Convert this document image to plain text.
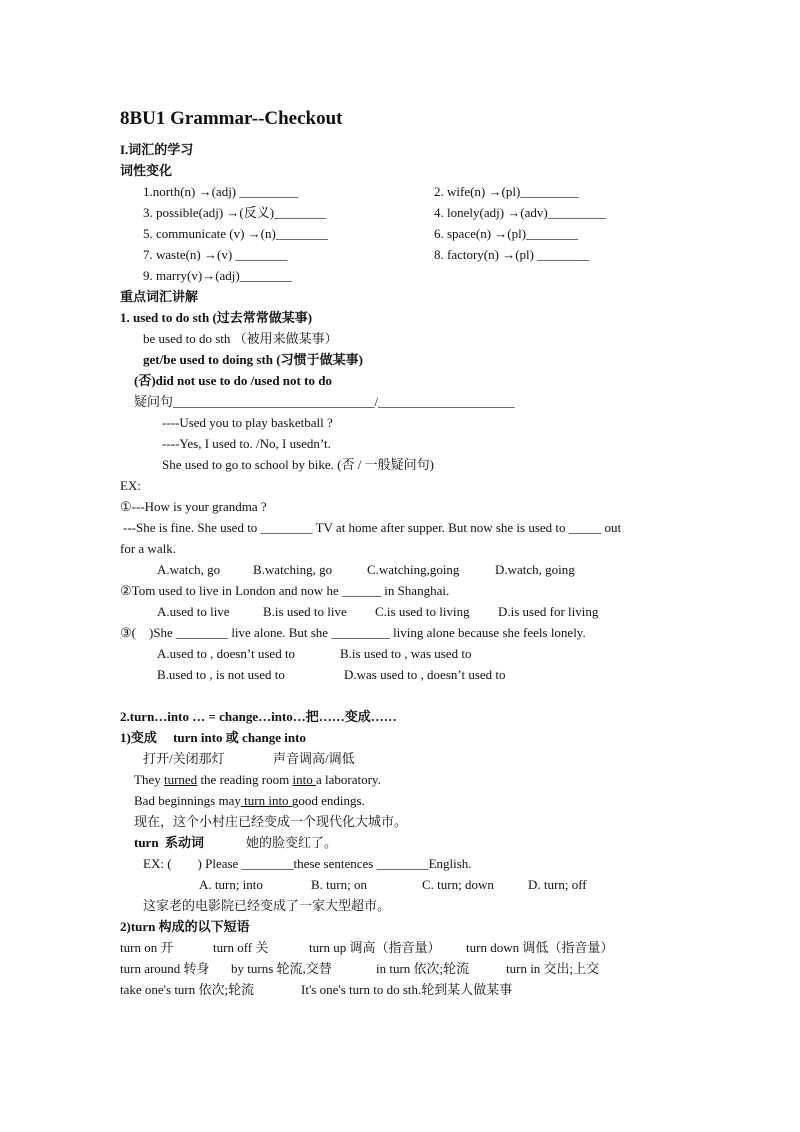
8BU1 Grammar--Checkout
I.词汇的学习
词性变化
1.north(n) →(adj) _________	2. wife(n) →(pl)_________
3. possible(adj) →(反义)________	4. lonely(adj) →(adv)_________
5. communicate (v) →(n)________	6. space(n) →(pl)________
7. waste(n) →(v) ________	8. factory(n) →(pl) ________
9. marry(v)→(adj)________
重点词汇讲解
1. used to do sth (过去常常做某事)
be used to do sth （被用来做某事）
get/be used to doing sth (习惯于做某事)
(否)did not use to do /used not to do
疑问句_______________________________/_____________________
----Used you to play basketball ?
----Yes, I used to. /No, I usedn’t.
She used to go to school by bike. (否 / 一般疑问句)
EX:
①---How is your grandma ?
---She is fine. She used to ________ TV at home after supper. But now she is used to _____ out
for a walk.
A.watch, go	B.watching, go	C.watching,going	D.watch, going
②Tom used to live in London and now he ______ in Shanghai.
A.used to live	B.is used to live C.is used to living D.is used for living
③(    )She ________ live alone. But she _________ living alone because she feels lonely.
A.used to , doesn’t used to	B.is used to , was used to
B.used to , is not used to	D.was used to , doesn’t used to
2.turn…into … = change…into…把……变成……
1)变成     turn into 或 change into
打开/关闭那灯	声音调高/调低
They turned the reading room into a laboratory.
Bad beginnings may turn into good endings.
现在，这个小村庄已经变成一个现代化大城市。
turn  系动词	她的脸变红了。
EX: (        ) Please ________these sentences ________English.
A. turn; into	B. turn; on	C. turn; down	D. turn; off
这家老的电影院已经变成了一家大型超市。
2)turn 构成的以下短语
turn on 开	turn off 关	turn up 调高（指音量） turn down 调低（指音量）
turn around 转身 by turns 轮流,交替	in turn 依次;轮流	turn in 交出;上交
take one's turn 依次;轮流	It's one's turn to do sth.轮到某人做某事
